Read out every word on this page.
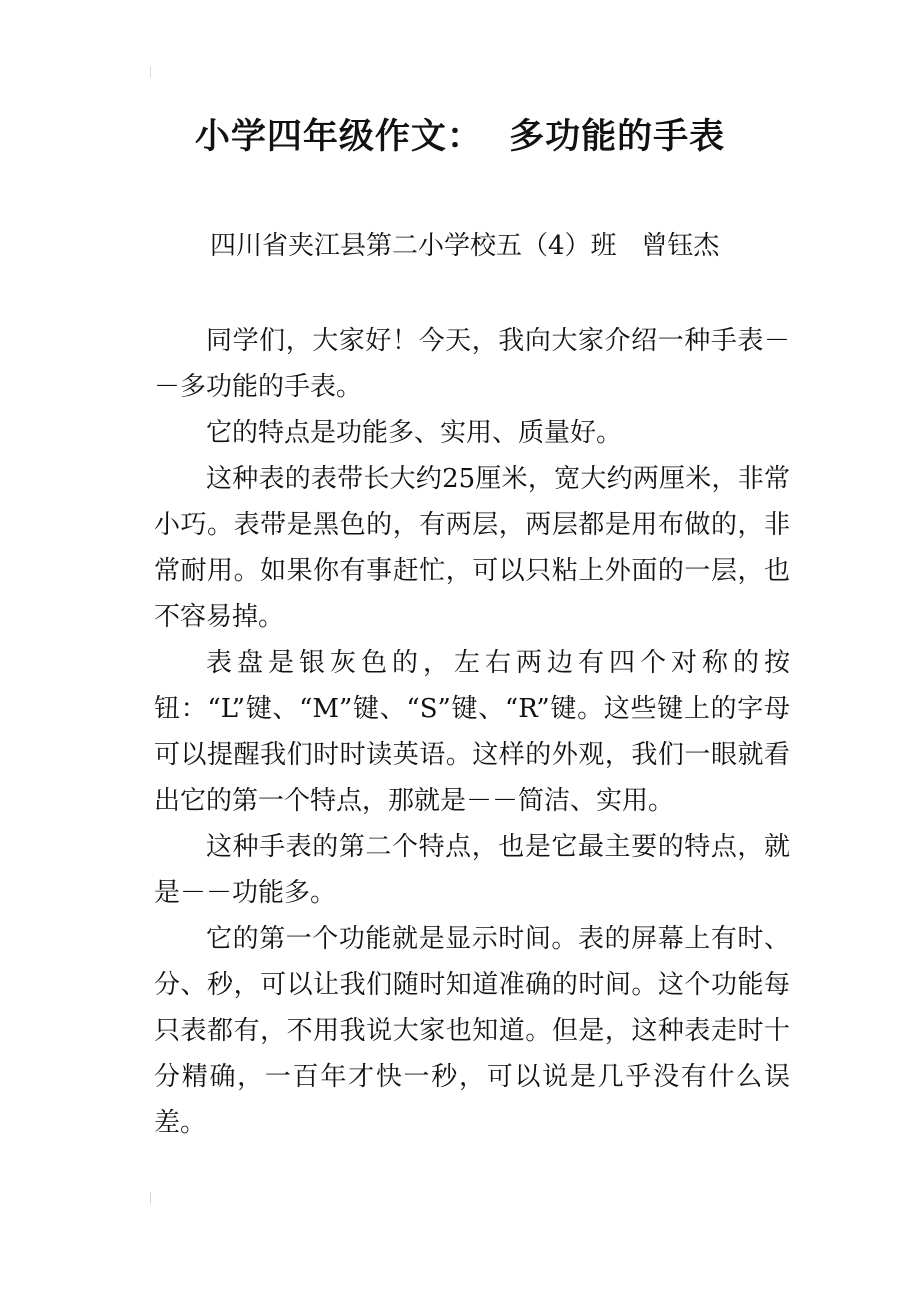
小学四年级作文：  多功能的手表

四川省夹江县第二小学校五（4）班   曾钰杰

同学们，大家好！今天，我向大家介绍一种手表－－多功能的手表。

它的特点是功能多、实用、质量好。

这种表的表带长大约25厘米，宽大约两厘米，非常小巧。表带是黑色的，有两层，两层都是用布做的，非常耐用。如果你有事赶忙，可以只粘上外面的一层，也不容易掉。

表盘是银灰色的，左右两边有四个对称的按钮：“L”键、“M”键、“S”键、“R”键。这些键上的字母可以提醒我们时时读英语。这样的外观，我们一眼就看出它的第一个特点，那就是－－简洁、实用。

这种手表的第二个特点，也是它最主要的特点，就是－－功能多。

它的第一个功能就是显示时间。表的屏幕上有时、分、秒，可以让我们随时知道准确的时间。这个功能每只表都有，不用我说大家也知道。但是，这种表走时十分精确，一百年才快一秒，可以说是几乎没有什么误差。
